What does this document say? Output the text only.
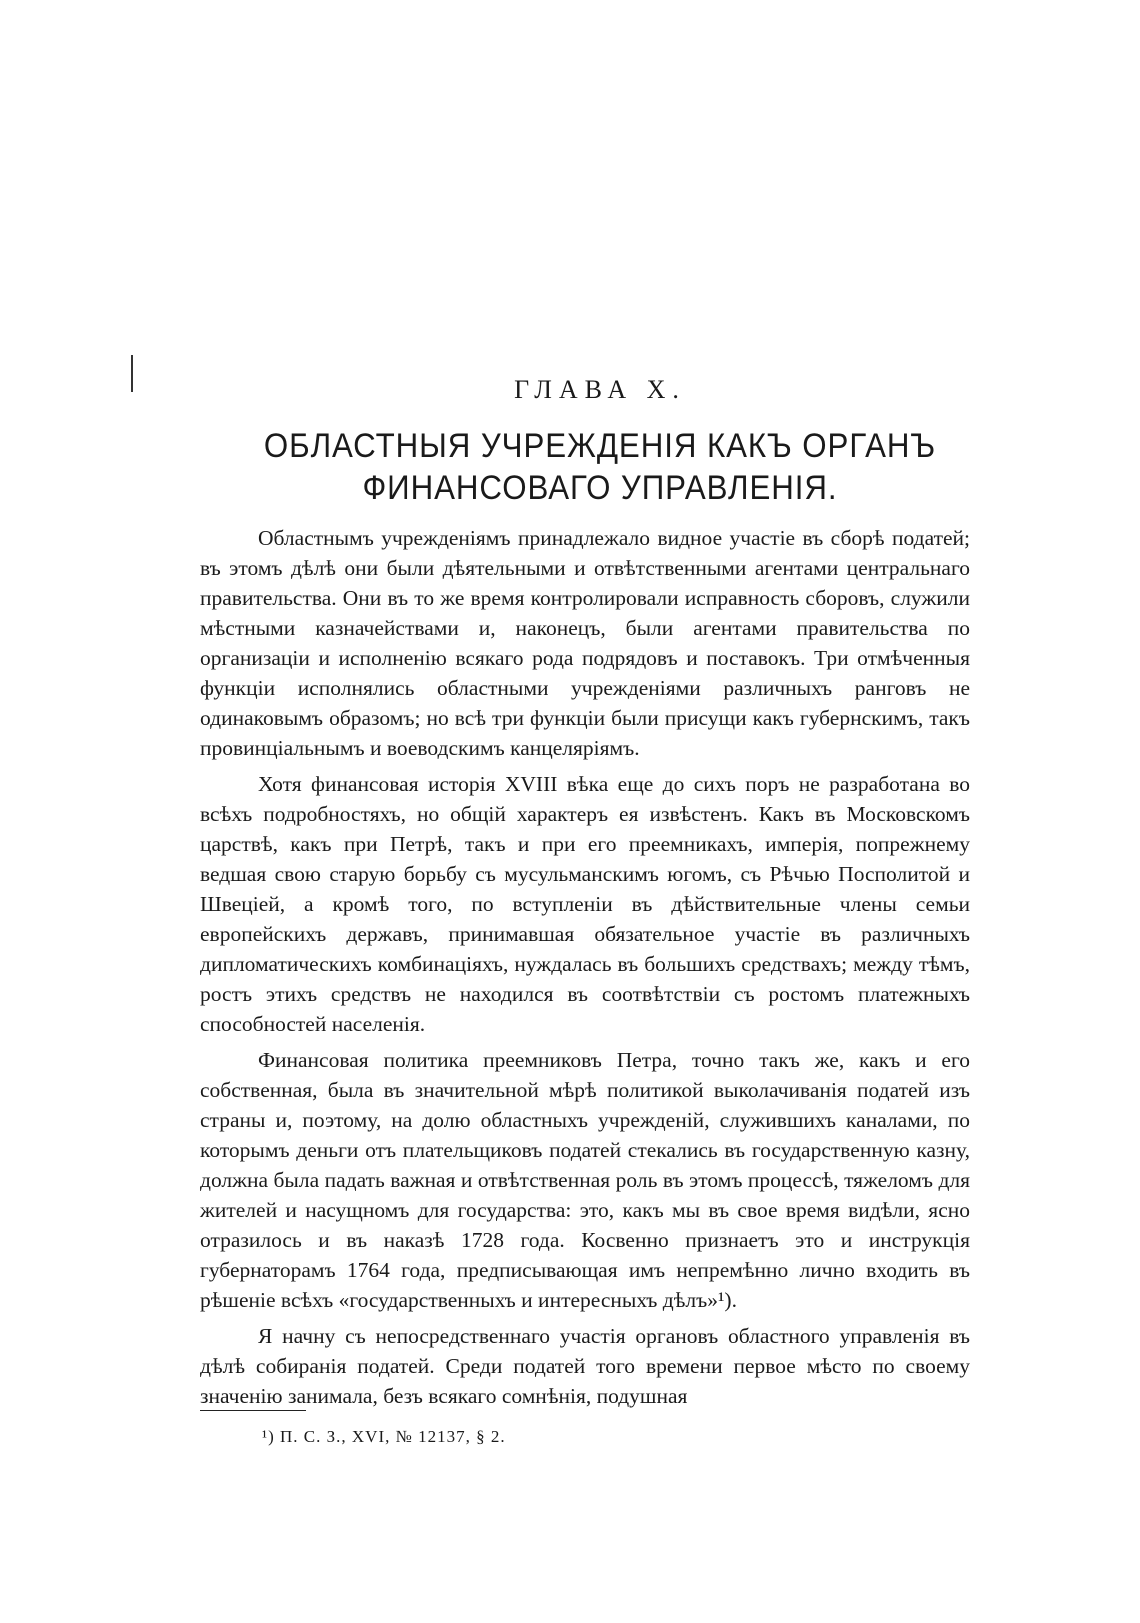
ГЛАВА X.
ОБЛАСТНЫЯ УЧРЕЖДЕНІЯ КАКЪ ОРГАНЪ ФИНАНСОВАГО УПРАВЛЕНІЯ.

Областнымъ учрежденіямъ принадлежало видное участіе въ сборѣ податей; въ этомъ дѣлѣ они были дѣятельными и отвѣтственными агентами центральнаго правительства. Они въ то же время контролировали исправность сборовъ, служили мѣстными казначействами и, наконецъ, были агентами правительства по организаціи и исполненію всякаго рода подрядовъ и поставокъ. Три отмѣченныя функціи исполнялись областными учрежденіями различныхъ ранговъ не одинаковымъ образомъ; но всѣ три функціи были присущи какъ губернскимъ, такъ провинціальнымъ и воеводскимъ канцеляріямъ.

Хотя финансовая исторія XVIII вѣка еще до сихъ поръ не разработана во всѣхъ подробностяхъ, но общій характеръ ея извѣстенъ. Какъ въ Московскомъ царствѣ, какъ при Петрѣ, такъ и при его преемникахъ, имперія, попрежнему ведшая свою старую борьбу съ мусульманскимъ югомъ, съ Рѣчью Посполитой и Швеціей, а кромѣ того, по вступленіи въ дѣйствительные члены семьи европейскихъ державъ, принимавшая обязательное участіе въ различныхъ дипломатическихъ комбинаціяхъ, нуждалась въ большихъ средствахъ; между тѣмъ, ростъ этихъ средствъ не находился въ соотвѣтствіи съ ростомъ платежныхъ способностей населенія.

Финансовая политика преемниковъ Петра, точно такъ же, какъ и его собственная, была въ значительной мѣрѣ политикой выколачиванія податей изъ страны и, поэтому, на долю областныхъ учрежденій, служившихъ каналами, по которымъ деньги отъ плательщиковъ податей стекались въ государственную казну, должна была падать важная и отвѣтственная роль въ этомъ процессѣ, тяжеломъ для жителей и насущномъ для государства: это, какъ мы въ свое время видѣли, ясно отразилось и въ наказѣ 1728 года. Косвенно признаетъ это и инструкція губернаторамъ 1764 года, предписывающая имъ непремѣнно лично входить въ рѣшеніе всѣхъ «государственныхъ и интересныхъ дѣлъ»¹).

Я начну съ непосредственнаго участія органовъ областного управленія въ дѣлѣ собиранія податей. Среди податей того времени первое мѣсто по своему значенію занимала, безъ всякаго сомнѣнія, подушная

¹) П. С. З., XVI, № 12137, § 2.
